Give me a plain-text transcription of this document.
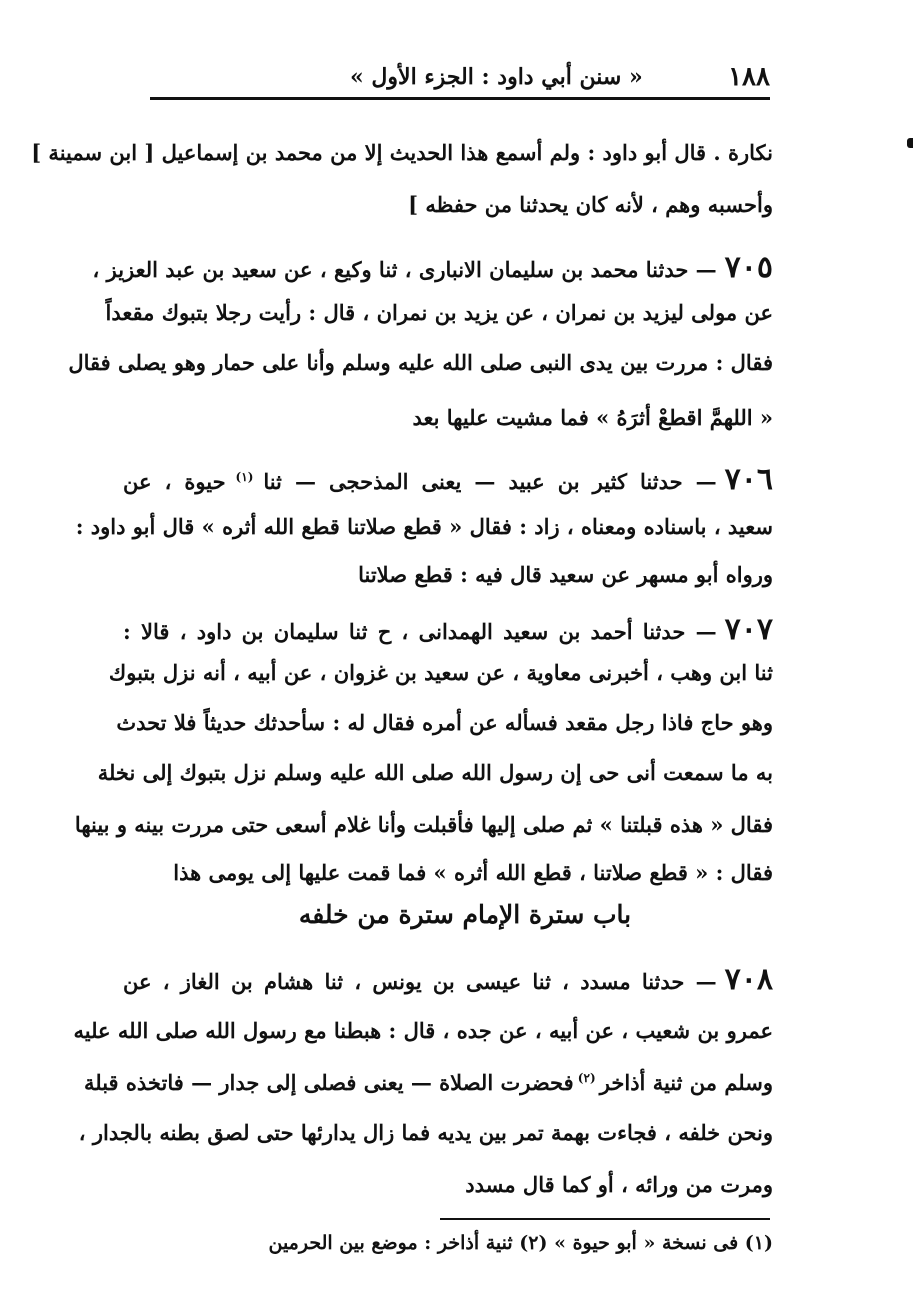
١٨٨
« سنن أبي داود : الجزء الأول »
نكارة . قال أبو داود : ولم أسمع هذا الحديث إلا من محمد بن إسماعيل [ ابن سمينة ]
وأحسبه وهم ، لأنه كان يحدثنا من حفظه ]
٧٠٥— حدثنا محمد بن سليمان الانبارى ، ثنا وكيع ، عن سعيد بن عبد العزيز ،
عن مولى ليزيد بن نمران ، عن يزيد بن نمران ، قال : رأيت رجلا بتبوك مقعداً
فقال : مررت بين يدى النبى صلى الله عليه وسلم وأنا على حمار وهو يصلى فقال
« اللهمَّ اقطعْ أثرَهُ » فما مشيت عليها بعد
٧٠٦— حدثنا كثير بن عبيد — يعنى المذحجى — ثنا $^{(١)}$ حيوة ، عن
سعيد ، باسناده ومعناه ، زاد : فقال « قطع صلاتنا قطع الله أثره » قال أبو داود :
ورواه أبو مسهر عن سعيد قال فيه : قطع صلاتنا
٧٠٧— حدثنا أحمد بن سعيد الهمدانى ، ح ثنا سليمان بن داود ، قالا :
ثنا ابن وهب ، أخبرنى معاوية ، عن سعيد بن غزوان ، عن أبيه ، أنه نزل بتبوك
وهو حاج فاذا رجل مقعد فسأله عن أمره فقال له : سأحدثك حديثاً فلا تحدث
به ما سمعت أنى حى إن رسول الله صلى الله عليه وسلم نزل بتبوك إلى نخلة
فقال « هذه قبلتنا » ثم صلى إليها فأقبلت وأنا غلام أسعى حتى مررت بينه و بينها
فقال : « قطع صلاتنا ، قطع الله أثره » فما قمت عليها إلى يومى هذا
٧٠٨— حدثنا مسدد ، ثنا عيسى بن يونس ، ثنا هشام بن الغاز ، عن
عمرو بن شعيب ، عن أبيه ، عن جده ، قال : هبطنا مع رسول الله صلى الله عليه
وسلم من ثنية أذاخر $^{(٢)}$ فحضرت الصلاة — يعنى فصلى إلى جدار — فاتخذه قبلة
ونحن خلفه ، فجاءت بهمة تمر بين يديه فما زال يدارئها حتى لصق بطنه بالجدار ،
ومرت من ورائه ، أو كما قال مسدد
باب سترة الإمام سترة من خلفه
(١) فى نسخة « أبو حيوة » (٢) ثنية أذاخر : موضع بين الحرمين
